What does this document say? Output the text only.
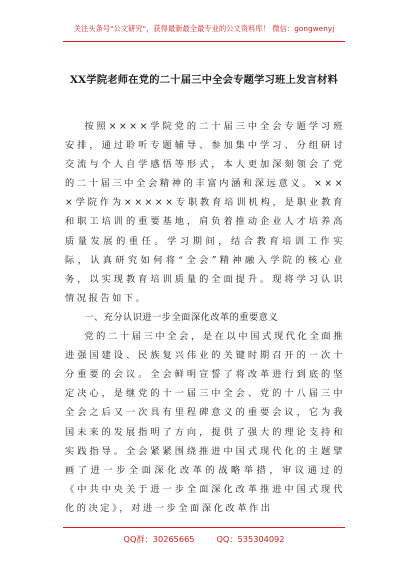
关注头条号"公文研究"，获得最新最全最专业的公文资料库！ 微信：gongwenyj
XX学院老师在党的二十届三中全会专题学习班上发言材料

按照××××学院党的二十届三中全会专题学习班安排，通过聆听专题辅导、参加集中学习、分组研讨交流与个人自学感悟等形式，本人更加深刻领会了党的二十届三中全会精神的丰富内涵和深远意义。××××学院作为×××××专职教育培训机构，是职业教育和职工培训的重要基地，肩负着推动企业人才培养高质量发展的重任。学习期间，结合教育培训工作实际，认真研究如何将“全会”精神融入学院的核心业务，以实现教育培训质量的全面提升。现将学习认识情况报告如下。

一、充分认识进一步全面深化改革的重要意义

党的二十届三中全会，是在以中国式现代化全面推进强国建设、民族复兴伟业的关键时期召开的一次十分重要的会议。全会鲜明宣誓了将改革进行到底的坚定决心，是继党的十一届三中全会、党的十八届三中全会之后又一次具有里程碑意义的重要会议，它为我国未来的发展指明了方向，提供了强大的理论支持和实践指导。全会紧紧围绕推进中国式现代化的主题擘画了进一步全面深化改革的战略举措，审议通过的《中共中央关于进一步全面深化改革推进中国式现代化的决定》，对进一步全面深化改革作出

QQ群：30265665	QQ：535304092
